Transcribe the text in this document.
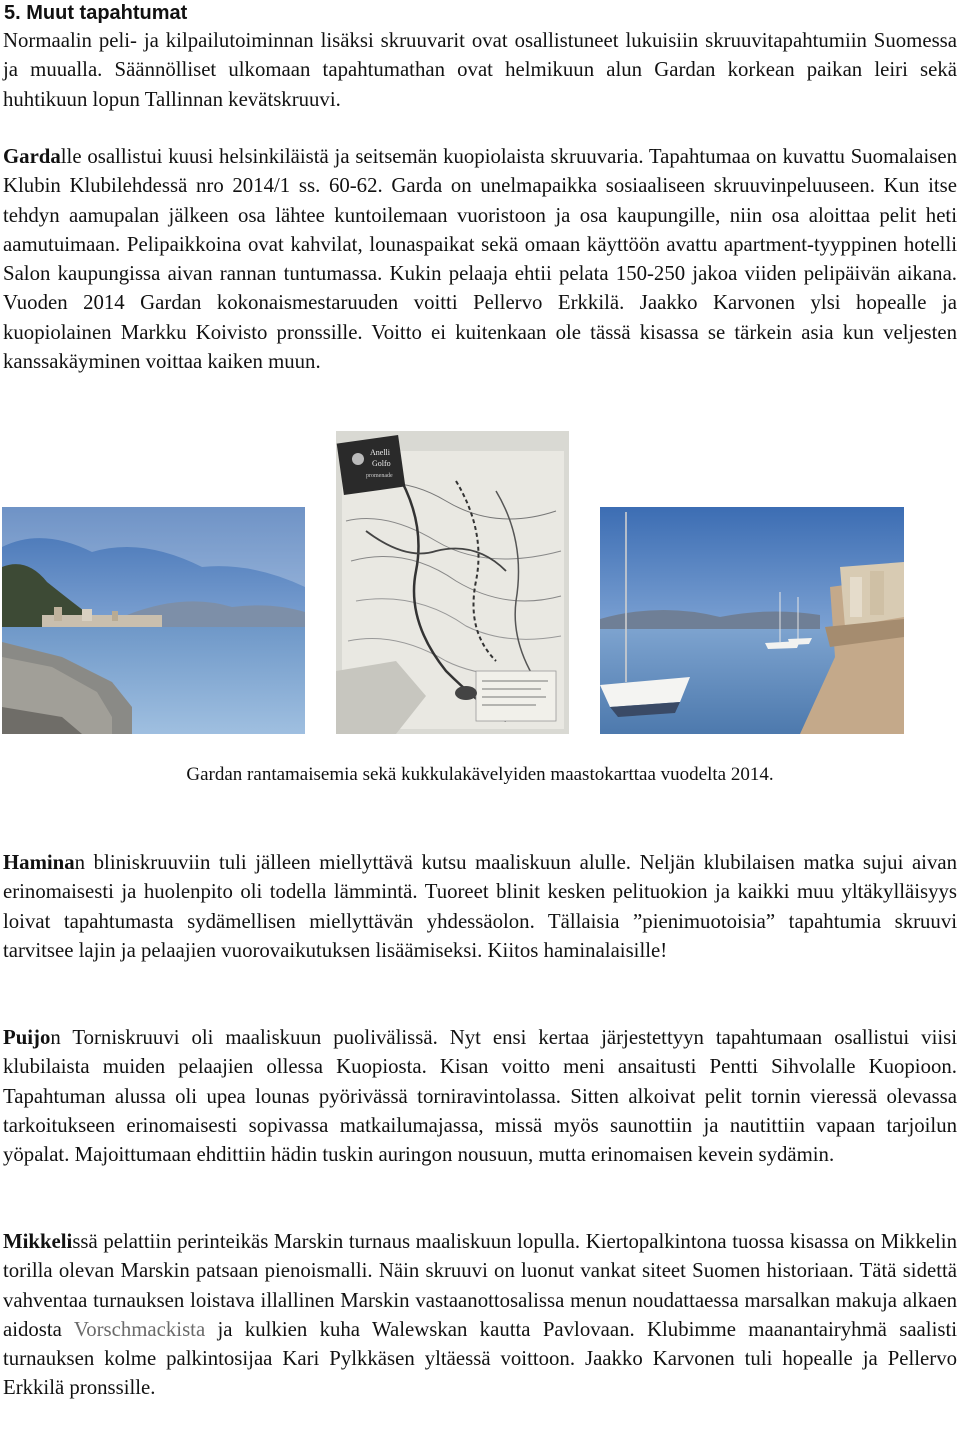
5. Muut tapahtumat

Normaalin peli- ja kilpailutoiminnan lisäksi skruuvarit ovat osallistuneet lukuisiin skruuvitapahtumiin Suomessa ja muualla. Säännölliset ulkomaan tapahtumathan ovat helmikuun alun Gardan korkean paikan leiri sekä huhtikuun lopun Tallinnan kevätskruuvi.

Gardalle osallistui kuusi helsinkiläistä ja seitsemän kuopiolaista skruuvaria. Tapahtumaa on kuvattu Suomalaisen Klubin Klubilehdessä nro 2014/1 ss. 60-62. Garda on unelmapaikka sosiaaliseen skruuvinpeluuseen. Kun itse tehdyn aamupalan jälkeen osa lähtee kuntoilemaan vuoristoon ja osa kaupungille, niin osa aloittaa pelit heti aamutuimaan. Pelipaikkoina ovat kahvilat, lounaspaikat sekä omaan käyttöön avattu apartment-tyyppinen hotelli Salon kaupungissa aivan rannan tuntumassa. Kukin pelaaja ehtii pelata 150-250 jakoa viiden pelipäivän aikana. Vuoden 2014 Gardan kokonaismestaruuden voitti Pellervo Erkkilä. Jaakko Karvonen ylsi hopealle ja kuopiolainen Markku Koivisto pronssille. Voitto ei kuitenkaan ole tässä kisassa se tärkein asia kun veljesten kanssakäyminen voittaa kaiken muun.

Anelli
Golfo
promenade

Gardan rantamaisemia sekä kukkulakävelyiden maastokarttaa vuodelta 2014.

Haminan bliniskruuviin tuli jälleen miellyttävä kutsu maaliskuun alulle. Neljän klubilaisen matka sujui aivan erinomaisesti ja huolenpito oli todella lämmintä. Tuoreet blinit kesken pelituokion ja kaikki muu yltäkylläisyys loivat tapahtumasta sydämellisen miellyttävän yhdessäolon. Tällaisia ”pienimuotoisia” tapahtumia skruuvi tarvitsee lajin ja pelaajien vuorovaikutuksen lisäämiseksi. Kiitos haminalaisille!

Puijon Torniskruuvi oli maaliskuun puolivälissä. Nyt ensi kertaa järjestettyyn tapahtumaan osallistui viisi klubilaista muiden pelaajien ollessa Kuopiosta. Kisan voitto meni ansaitusti Pentti Sihvolalle Kuopioon. Tapahtuman alussa oli upea lounas pyörivässä torniravintolassa. Sitten alkoivat pelit tornin vieressä olevassa tarkoitukseen erinomaisesti sopivassa matkailumajassa, missä myös saunottiin ja nautittiin vapaan tarjoilun yöpalat. Majoittumaan ehdittiin hädin tuskin auringon nousuun, mutta erinomaisen kevein sydämin.

Mikkelissä pelattiin perinteikäs Marskin turnaus maaliskuun lopulla. Kiertopalkintona tuossa kisassa on Mikkelin torilla olevan Marskin patsaan pienoismalli. Näin skruuvi on luonut vankat siteet Suomen historiaan. Tätä sidettä vahventaa turnauksen loistava illallinen Marskin vastaanottosalissa menun noudattaessa marsalkan makuja alkaen aidosta Vorschmackista ja kulkien kuha Walewskan kautta Pavlovaan. Klubimme maanantairyhmä saalisti turnauksen kolme palkintosijaa Kari Pylkkäsen yltäessä voittoon. Jaakko Karvonen tuli hopealle ja Pellervo Erkkilä pronssille.
